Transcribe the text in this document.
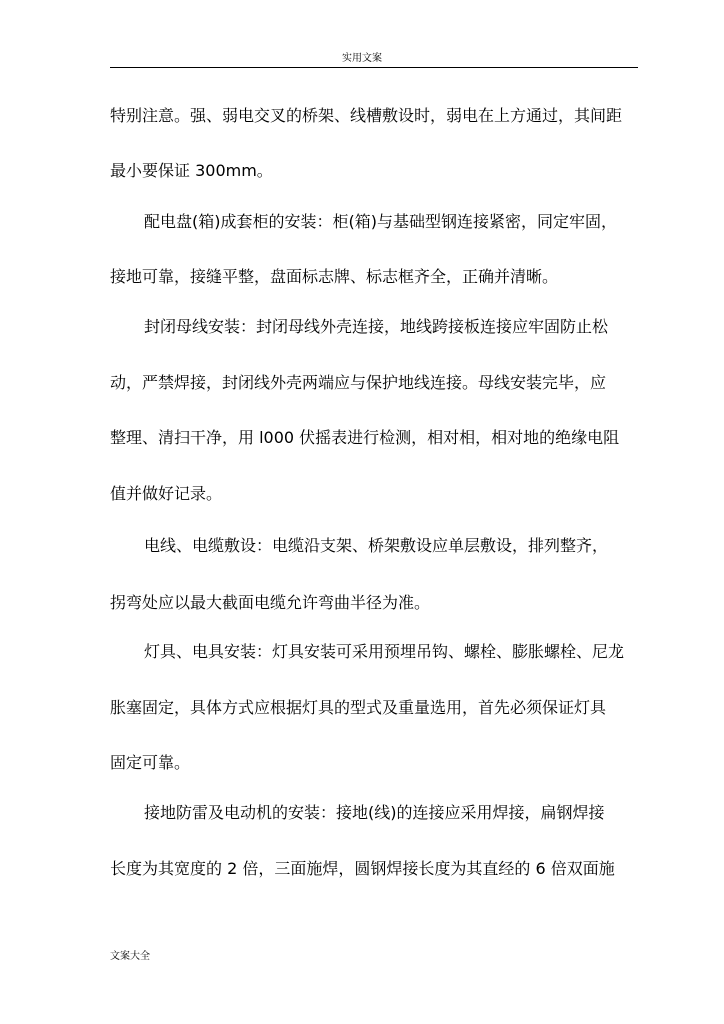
实用文案
特别注意。强、弱电交叉的桥架、线槽敷设时，弱电在上方通过，其间距
最小要保证 300mm。
配电盘(箱)成套柜的安装：柜(箱)与基础型钢连接紧密，同定牢固，
接地可靠，接缝平整，盘面标志牌、标志框齐全，正确并清晰。
封闭母线安装：封闭母线外壳连接，地线跨接板连接应牢固防止松
动，严禁焊接，封闭线外壳两端应与保护地线连接。母线安装完毕，应
整理、清扫干净，用 l000 伏摇表进行检测，相对相，相对地的绝缘电阻
值并做好记录。
电线、电缆敷设：电缆沿支架、桥架敷设应单层敷设，排列整齐，
拐弯处应以最大截面电缆允许弯曲半径为准。
灯具、电具安装：灯具安装可采用预埋吊钩、螺栓、膨胀螺栓、尼龙
胀塞固定，具体方式应根据灯具的型式及重量选用，首先必须保证灯具
固定可靠。
接地防雷及电动机的安装：接地(线)的连接应采用焊接，扁钢焊接
长度为其宽度的 2 倍，三面施焊，圆钢焊接长度为其直经的 6 倍双面施
文案大全
